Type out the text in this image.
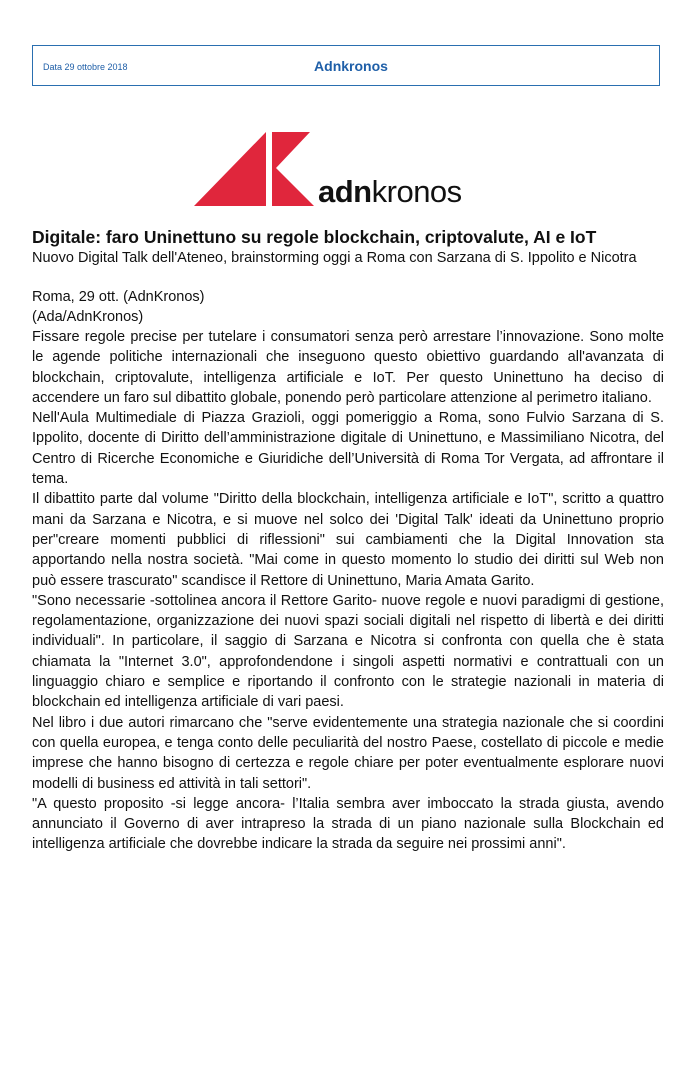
Data 29 ottobre 2018	Adnkronos
adnkronos
Digitale: faro Uninettuno su regole blockchain, criptovalute, AI e IoT

Nuovo Digital Talk dell'Ateneo, brainstorming oggi a Roma con Sarzana di S. Ippolito e Nicotra

Roma, 29 ott. (AdnKronos)

(Ada/AdnKronos)

Fissare regole precise per tutelare i consumatori senza però arrestare l’innovazione. Sono molte le agende politiche internazionali che inseguono questo obiettivo guardando all'avanzata di blockchain, criptovalute, intelligenza artificiale e IoT. Per questo Uninettuno ha deciso di accendere un faro sul dibattito globale, ponendo però particolare attenzione al perimetro italiano.

Nell'Aula Multimediale di Piazza Grazioli, oggi pomeriggio a Roma, sono Fulvio Sarzana di S. Ippolito, docente di Diritto dell’amministrazione digitale di Uninettuno, e Massimiliano Nicotra, del Centro di Ricerche Economiche e Giuridiche dell’Università di Roma Tor Vergata, ad affrontare il tema.

Il dibattito parte dal volume "Diritto della blockchain, intelligenza artificiale e IoT", scritto a quattro mani da Sarzana e Nicotra, e si muove nel solco dei 'Digital Talk' ideati da Uninettuno proprio per"creare momenti pubblici di riflessioni" sui cambiamenti che la Digital Innovation sta apportando nella nostra società. "Mai come in questo momento lo studio dei diritti sul Web non può essere trascurato" scandisce il Rettore di Uninettuno, Maria Amata Garito.

"Sono necessarie -sottolinea ancora il Rettore Garito- nuove regole e nuovi paradigmi di gestione, regolamentazione, organizzazione dei nuovi spazi sociali digitali nel rispetto di libertà e dei diritti individuali". In particolare, il saggio di Sarzana e Nicotra si confronta con quella che è stata chiamata la "Internet 3.0", approfondendone i singoli aspetti normativi e contrattuali con un linguaggio chiaro e semplice e riportando il confronto con le strategie nazionali in materia di blockchain ed intelligenza artificiale di vari paesi.

Nel libro i due autori rimarcano che "serve evidentemente una strategia nazionale che si coordini con quella europea, e tenga conto delle peculiarità del nostro Paese, costellato di piccole e medie imprese che hanno bisogno di certezza e regole chiare per poter eventualmente esplorare nuovi modelli di business ed attività in tali settori".

"A questo proposito -si legge ancora- l’Italia sembra aver imboccato la strada giusta, avendo annunciato il Governo di aver intrapreso la strada di un piano nazionale sulla Blockchain ed intelligenza artificiale che dovrebbe indicare la strada da seguire nei prossimi anni".
